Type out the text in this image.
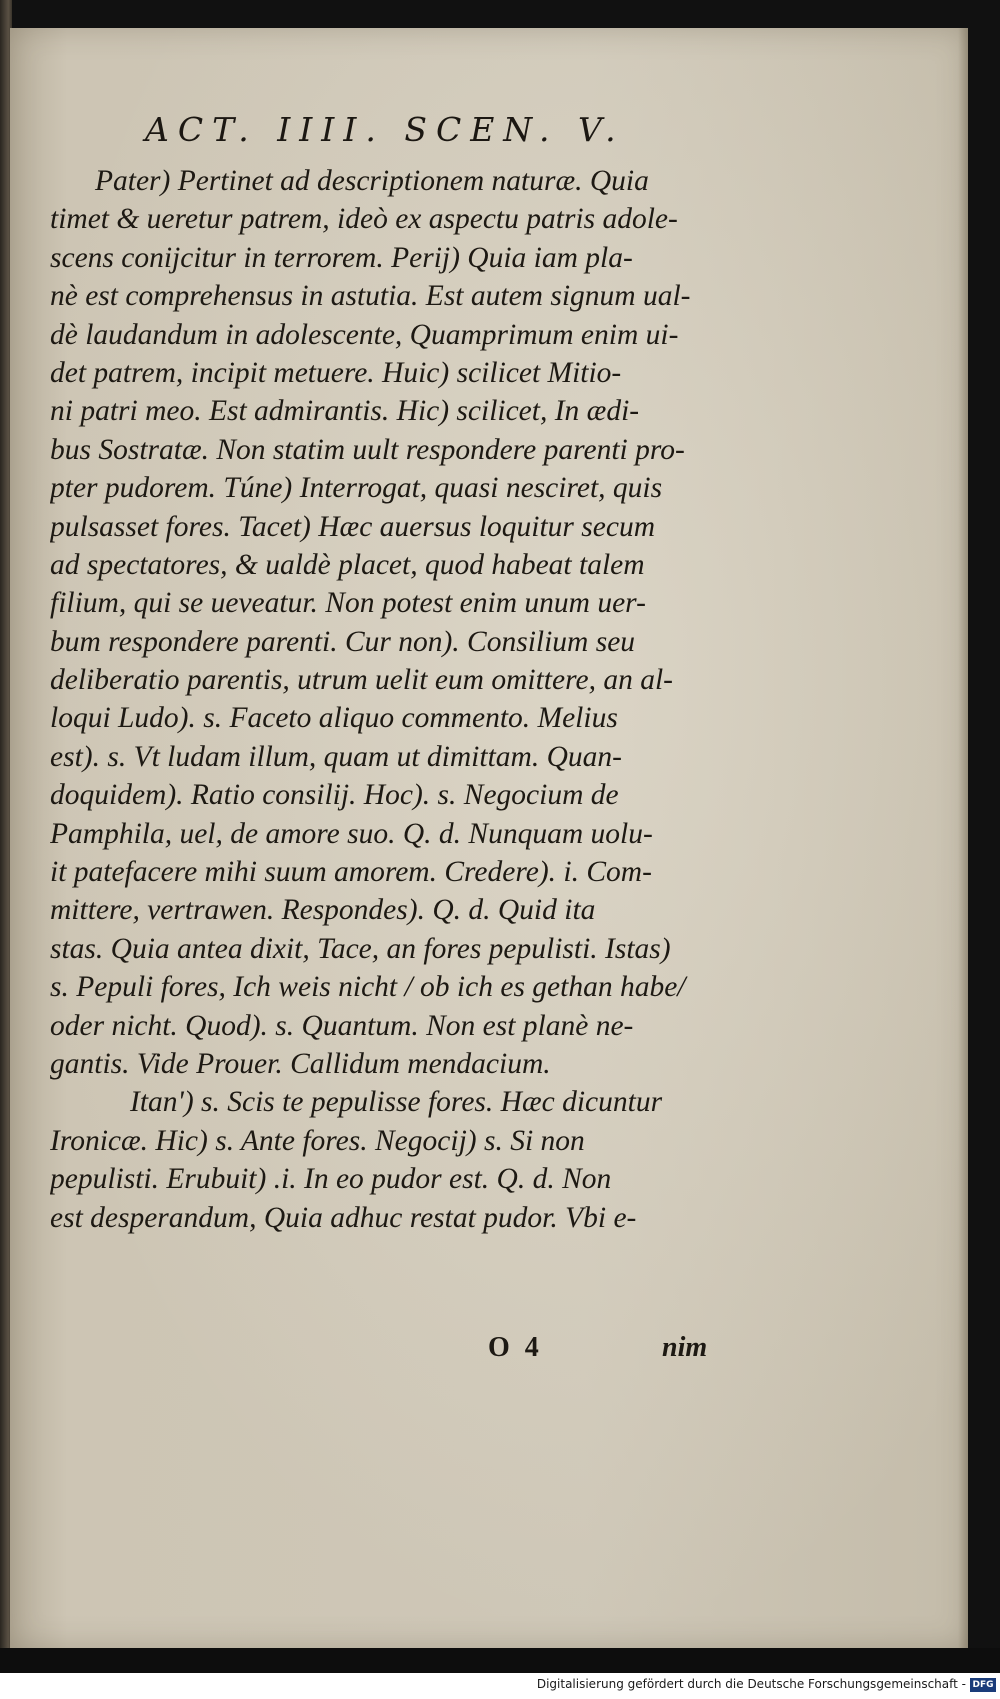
ACT. IIII. SCEN. V.
Pater) Pertinet ad descriptionem naturæ. Quia
timet & ueretur patrem, ideò ex aspectu patris adole-
scens conijcitur in terrorem. Perij) Quia iam pla-
nè est comprehensus in astutia. Est autem signum ual-
dè laudandum in adolescente, Quamprimum enim ui-
det patrem, incipit metuere. Huic) scilicet Mitio-
ni patri meo. Est admirantis. Hic) scilicet, In ædi-
bus Sostratæ. Non statim uult respondere parenti pro-
pter pudorem. Túne) Interrogat, quasi nesciret, quis
pulsasset fores. Tacet) Hæc auersus loquitur secum
ad spectatores, & ualdè placet, quod habeat talem
filium, qui se ueveatur. Non potest enim unum uer-
bum respondere parenti. Cur non). Consilium seu
deliberatio parentis, utrum uelit eum omittere, an al-
loqui Ludo). s. Faceto aliquo commento. Melius
est). s. Vt ludam illum, quam ut dimittam. Quan-
doquidem). Ratio consilij. Hoc). s. Negocium de
Pamphila, uel, de amore suo. Q. d. Nunquam uolu-
it patefacere mihi suum amorem. Credere). i. Com-
mittere, vertrawen. Respondes). Q. d. Quid ita
stas. Quia antea dixit, Tace, an fores pepulisti. Istas)
s. Pepuli fores, Ich weis nicht / ob ich es gethan habe/
oder nicht. Quod). s. Quantum. Non est planè ne-
gantis. Vide Prouer. Callidum mendacium.
Itan') s. Scis te pepulisse fores. Hæc dicuntur
Ironicæ. Hic) s. Ante fores. Negocij) s. Si non
pepulisti. Erubuit) .i. In eo pudor est. Q. d. Non
est desperandum, Quia adhuc restat pudor. Vbi e-
O 4	nim
Digitalisierung gefördert durch die Deutsche Forschungsgemeinschaft - DFG
